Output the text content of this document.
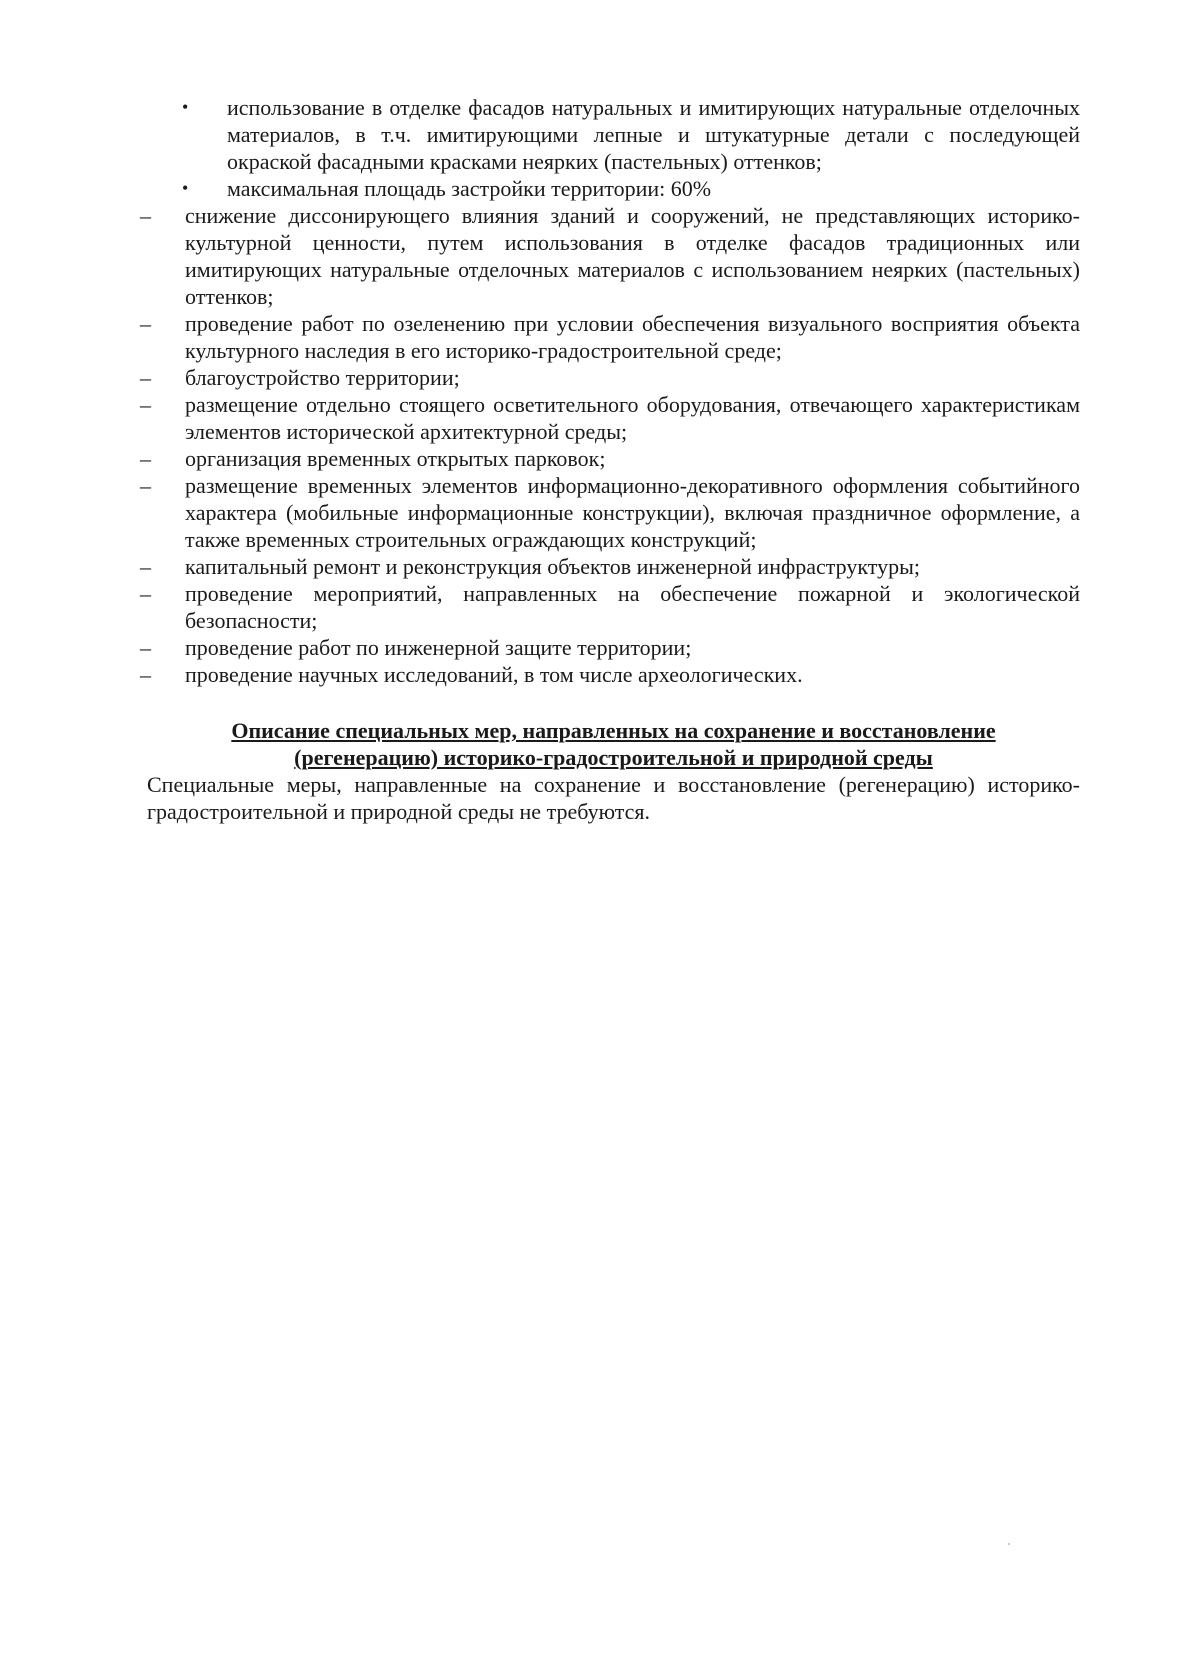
•	использование в отделке фасадов натуральных и имитирующих натуральные отделочных материалов, в т.ч. имитирующими лепные и штукатурные детали с последующей окраской фасадными красками неярких (пастельных) оттенков;
•	максимальная площадь застройки территории: 60%
–	снижение диссонирующего влияния зданий и сооружений, не представляющих историко-культурной ценности, путем использования в отделке фасадов традиционных или имитирующих натуральные отделочных материалов с использованием неярких (пастельных) оттенков;
–	проведение работ по озеленению при условии обеспечения визуального восприятия объекта культурного наследия в его историко-градостроительной среде;
–	благоустройство территории;
–	размещение отдельно стоящего осветительного оборудования, отвечающего характеристикам элементов исторической архитектурной среды;
–	организация временных открытых парковок;
–	размещение временных элементов информационно-декоративного оформления событийного характера (мобильные информационные конструкции), включая праздничное оформление, а также временных строительных ограждающих конструкций;
–	капитальный ремонт и реконструкция объектов инженерной инфраструктуры;
–	проведение мероприятий, направленных на обеспечение пожарной и экологической безопасности;
–	проведение работ по инженерной защите территории;
–	проведение научных исследований, в том числе археологических.
Описание специальных мер, направленных на сохранение и восстановление (регенерацию) историко-градостроительной и природной среды

Специальные меры, направленные на сохранение и восстановление (регенерацию) историко-градостроительной и природной среды не требуются.
